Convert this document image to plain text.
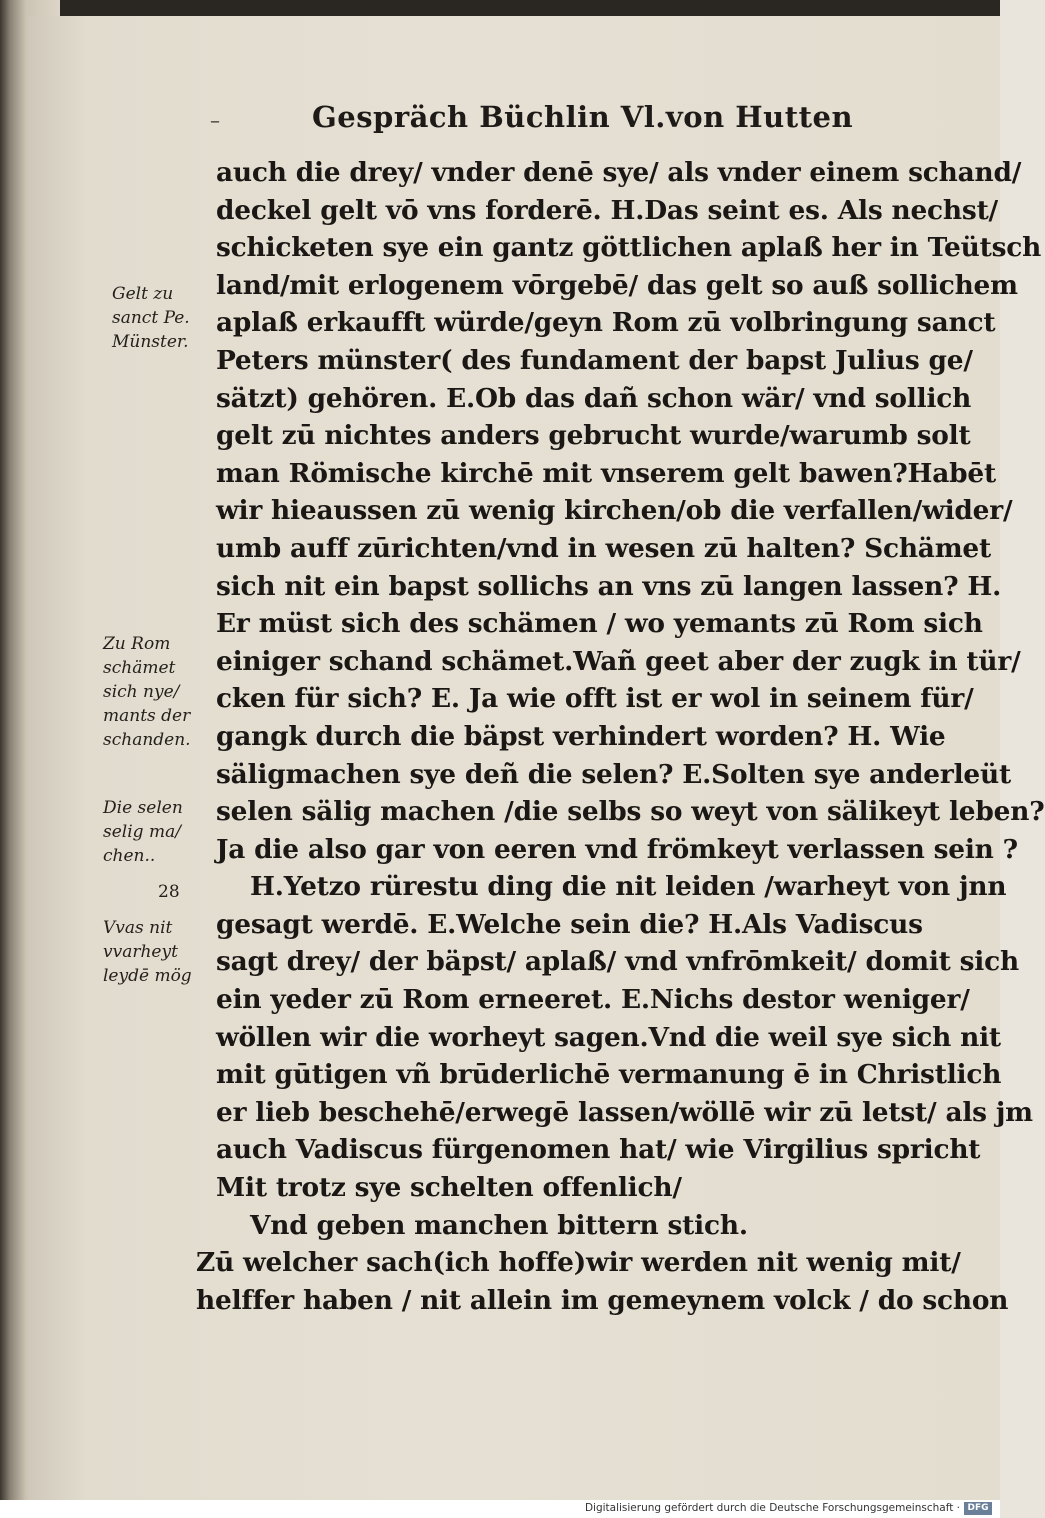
–	Gespräch Büchlin Vl.von Hutten
auch die drey/ vnder denē sye/ als vnder einem schand/
deckel gelt vō vns forderē. H.Das seint es. Als nechst/
schicketen sye ein gantz göttlichen aplaß her in Teütsch
land/mit erlogenem vōrgebē/ das gelt so auß sollichem
aplaß erkaufft würde/geyn Rom zū volbringung sanct
Peters münster( des fundament der bapst Julius ge/
sätzt) gehören. E.Ob das dañ schon wär/ vnd sollich
gelt zū nichtes anders gebrucht wurde/warumb solt
man Römische kirchē mit vnserem gelt bawen?Habēt
wir hieaussen zū wenig kirchen/ob die verfallen/wider/
umb auff zūrichten/vnd in wesen zū halten? Schämet
sich nit ein bapst sollichs an vns zū langen lassen? H.
Er müst sich des schämen / wo yemants zū Rom sich
einiger schand schämet.Wañ geet aber der zugk in tür/
cken für sich? E. Ja wie offt ist er wol in seinem für/
gangk durch die bäpst verhindert worden? H. Wie
säligmachen sye deñ die selen? E.Solten sye anderleüt
selen sälig machen /die selbs so weyt von sälikeyt leben?
Ja die also gar von eeren vnd frömkeyt verlassen sein ?
H.Yetzo rürestu ding die nit leiden /warheyt von jnn
gesagt werdē. E.Welche sein die? H.Als Vadiscus
sagt drey/ der bäpst/ aplaß/ vnd vnfrōmkeit/ domit sich
ein yeder zū Rom erneeret. E.Nichs destor weniger/
wöllen wir die worheyt sagen.Vnd die weil sye sich nit
mit gūtigen vñ brūderlichē vermanung ē in Christlich
er lieb beschehē/erwegē lassen/wöllē wir zū letst/ als jm
auch Vadiscus fürgenomen hat/ wie Virgilius spricht
Mit trotz sye schelten offenlich/
Vnd geben manchen bittern stich.
Zū welcher sach(ich hoffe)wir werden nit wenig mit/
helffer haben / nit allein im gemeynem volck / do schon
Gelt zu
sanct Pe.
Münster.
Zu Rom
schämet
sich nye/
mants der
schanden.
Die selen
selig ma/
chen..
28
Vvas nit
vvarheyt
leydē mög
Digitalisierung gefördert durch die Deutsche Forschungsgemeinschaft · DFG
